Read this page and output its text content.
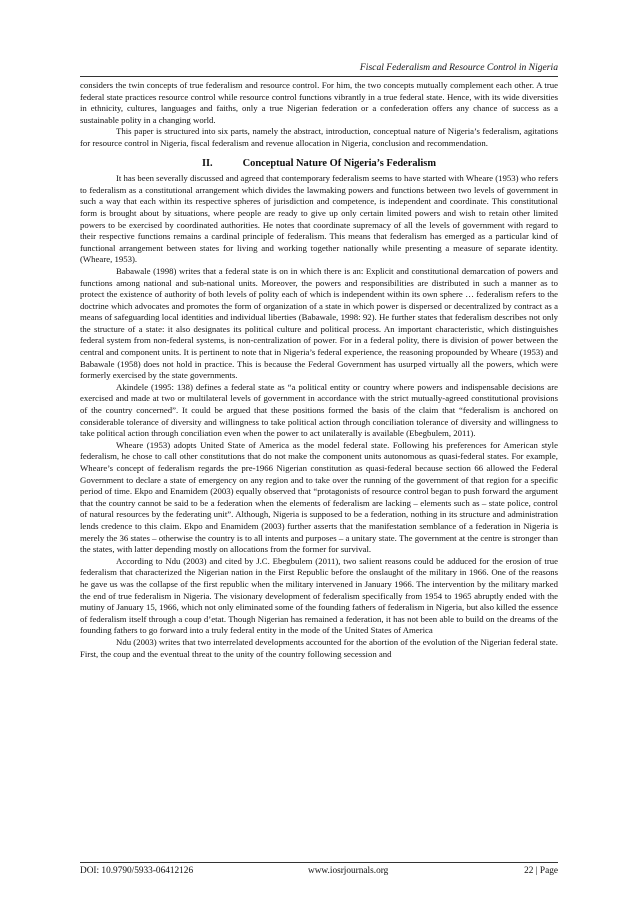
Fiscal Federalism and Resource Control in Nigeria

considers the twin concepts of true federalism and resource control. For him, the two concepts mutually complement each other. A true federal state practices resource control while resource control functions vibrantly in a true federal state. Hence, with its wide diversities in ethnicity, cultures, languages and faiths, only a true Nigerian federation or a confederation offers any chance of success as a sustainable polity in a changing world.

This paper is structured into six parts, namely the abstract, introduction, conceptual nature of Nigeria’s federalism, agitations for resource control in Nigeria, fiscal federalism and revenue allocation in Nigeria, conclusion and recommendation.

II.	Conceptual Nature Of Nigeria’s Federalism

It has been severally discussed and agreed that contemporary federalism seems to have started with Wheare (1953) who refers to federalism as a constitutional arrangement which divides the lawmaking powers and functions between two levels of government in such a way that each within its respective spheres of jurisdiction and competence, is independent and coordinate. This constitutional form is brought about by situations, where people are ready to give up only certain limited powers and wish to retain other limited powers to be exercised by coordinated authorities. He notes that coordinate supremacy of all the levels of government with regard to their respective functions remains a cardinal principle of federalism. This means that federalism has emerged as a particular kind of functional arrangement between states for living and working together nationally while presenting a measure of separate identity. (Wheare, 1953).

Babawale (1998) writes that a federal state is on in which there is an: Explicit and constitutional demarcation of powers and functions among national and sub-national units. Moreover, the powers and responsibilities are distributed in such a manner as to protect the existence of authority of both levels of polity each of which is independent within its own sphere … federalism refers to the doctrine which advocates and promotes the form of organization of a state in which power is dispersed or decentralized by contract as a means of safeguarding local identities and individual liberties (Babawale, 1998: 92). He further states that federalism describes not only the structure of a state: it also designates its political culture and political process. An important characteristic, which distinguishes federal system from non-federal systems, is non-centralization of power. For in a federal polity, there is division of power between the central and component units. It is pertinent to note that in Nigeria’s federal experience, the reasoning propounded by Wheare (1953) and Babawale (1958) does not hold in practice. This is because the Federal Government has usurped virtually all the powers, which were formerly exercised by the state governments.

Akindele (1995: 138) defines a federal state as “a political entity or country where powers and indispensable decisions are exercised and made at two or multilateral levels of government in accordance with the strict mutually-agreed constitutional provisions of the country concerned”. It could be argued that these positions formed the basis of the claim that “federalism is anchored on considerable tolerance of diversity and willingness to take political action through conciliation tolerance of diversity and willingness to take political action through conciliation even when the power to act unilaterally is available (Ebegbulem, 2011).

Wheare (1953) adopts United State of America as the model federal state. Following his preferences for American style federalism, he chose to call other constitutions that do not make the component units autonomous as quasi-federal states. For example, Wheare’s concept of federalism regards the pre-1966 Nigerian constitution as quasi-federal because section 66 allowed the Federal Government to declare a state of emergency on any region and to take over the running of the government of that region for a specific period of time. Ekpo and Enamidem (2003) equally observed that “protagonists of resource control began to push forward the argument that the country cannot be said to be a federation when the elements of federalism are lacking – elements such as – state police, control of natural resources by the federating unit”. Although, Nigeria is supposed to be a federation, nothing in its structure and administration lends credence to this claim. Ekpo and Enamidem (2003) further asserts that the manifestation semblance of a federation in Nigeria is merely the 36 states – otherwise the country is to all intents and purposes – a unitary state. The government at the centre is stronger than the states, with latter depending mostly on allocations from the former for survival.

According to Ndu (2003) and cited by J.C. Ebegbulem (2011), two salient reasons could be adduced for the erosion of true federalism that characterized the Nigerian nation in the First Republic before the onslaught of the military in 1966. One of the reasons he gave us was the collapse of the first republic when the military intervened in January 1966. The intervention by the military marked the end of true federalism in Nigeria. The visionary development of federalism specifically from 1954 to 1965 abruptly ended with the mutiny of January 15, 1966, which not only eliminated some of the founding fathers of federalism in Nigeria, but also killed the essence of federalism itself through a coup d’etat. Though Nigerian has remained a federation, it has not been able to build on the dreams of the founding fathers to go forward into a truly federal entity in the mode of the United States of America

Ndu (2003) writes that two interrelated developments accounted for the abortion of the evolution of the Nigerian federal state. First, the coup and the eventual threat to the unity of the country following secession and

DOI: 10.9790/5933-06412126	www.iosrjournals.org	22 | Page
